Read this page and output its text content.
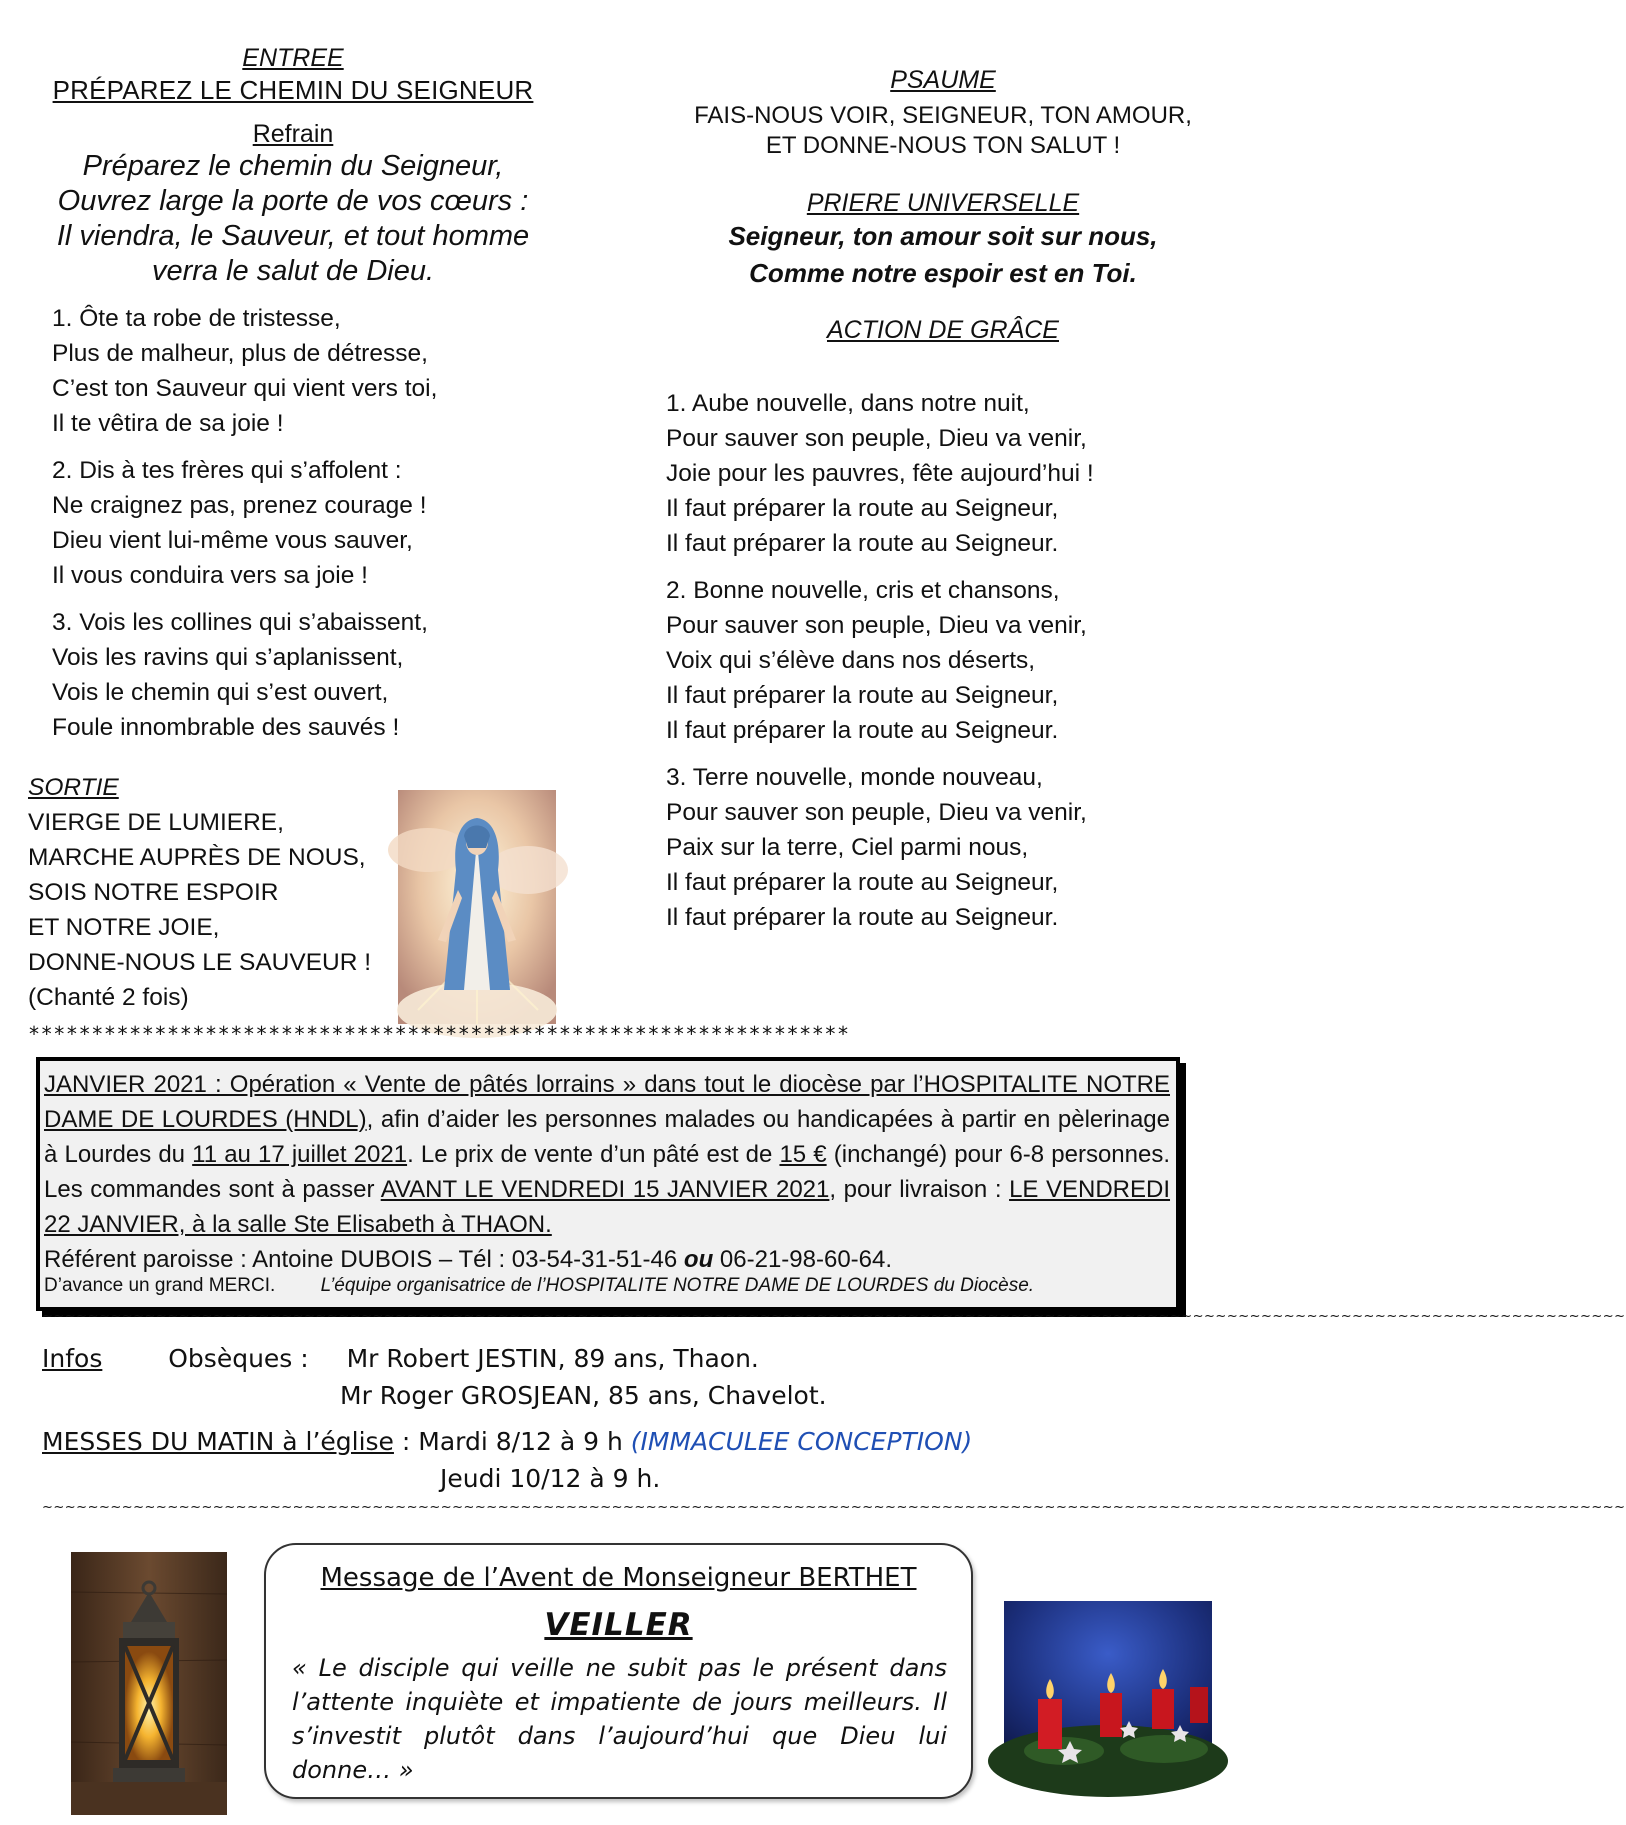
ENTREE
PRÉPAREZ LE CHEMIN DU SEIGNEUR
Refrain
Préparez le chemin du Seigneur,
Ouvrez large la porte de vos cœurs :
Il viendra, le Sauveur, et tout homme
verra le salut de Dieu.
1. Ôte ta robe de tristesse,
Plus de malheur, plus de détresse,
C’est ton Sauveur qui vient vers toi,
Il te vêtira de sa joie !
2. Dis à tes frères qui s’affolent :
Ne craignez pas, prenez courage !
Dieu vient lui-même vous sauver,
Il vous conduira vers sa joie !
3. Vois les collines qui s’abaissent,
Vois les ravins qui s’aplanissent,
Vois le chemin qui s’est ouvert,
Foule innombrable des sauvés !
SORTIE
VIERGE DE LUMIERE,
MARCHE AUPRÈS DE NOUS,
SOIS NOTRE ESPOIR
ET NOTRE JOIE,
DONNE-NOUS LE SAUVEUR !
(Chanté 2 fois)
PSAUME
FAIS-NOUS VOIR, SEIGNEUR, TON AMOUR,
ET DONNE-NOUS TON SALUT !
PRIERE UNIVERSELLE
Seigneur, ton amour soit sur nous,
Comme notre espoir est en Toi.
ACTION DE GRÂCE
1. Aube nouvelle, dans notre nuit,
Pour sauver son peuple, Dieu va venir,
Joie pour les pauvres, fête aujourd’hui !
Il faut préparer la route au Seigneur,
Il faut préparer la route au Seigneur.
2. Bonne nouvelle, cris et chansons,
Pour sauver son peuple, Dieu va venir,
Voix qui s’élève dans nos déserts,
Il faut préparer la route au Seigneur,
Il faut préparer la route au Seigneur.
3. Terre nouvelle, monde nouveau,
Pour sauver son peuple, Dieu va venir,
Paix sur la terre, Ciel parmi nous,
Il faut préparer la route au Seigneur,
Il faut préparer la route au Seigneur.
*****************************************************************
JANVIER 2021 : Opération « Vente de pâtés lorrains » dans tout le diocèse par l’HOSPITALITE NOTRE DAME DE LOURDES (HNDL), afin d’aider les personnes malades ou handicapées à partir en pèlerinage à Lourdes du 11 au 17 juillet 2021. Le prix de vente d’un pâté est de 15 € (inchangé) pour 6-8 personnes. Les commandes sont à passer AVANT LE VENDREDI 15 JANVIER 2021, pour livraison : LE VENDREDI 22 JANVIER, à la salle Ste Elisabeth à THAON.
Référent paroisse : Antoine DUBOIS – Tél : 03-54-31-51-46 ou 06-21-98-60-64.
D’avance un grand MERCI. L’équipe organisatrice de l’HOSPITALITE NOTRE DAME DE LOURDES du Diocèse.
~~~~~~~~~~~~~~~~~~~~~~~~~~~~~~~~~~~~~~~~~~~~~~~~~~~~~~~~~~~~~~~~~~~~~~~~~~~~~~~~~~~~~~~~~~~~~~~~~~~~~~~~~~~~~~~~~~~~~~~~~~~~~~~~~~~~~~~~~~~
Infos	Obsèques : Mr Robert JESTIN, 89 ans, Thaon.
Mr Roger GROSJEAN, 85 ans, Chavelot.
MESSES DU MATIN à l’église : Mardi 8/12 à 9 h (IMMACULEE CONCEPTION)
Jeudi 10/12 à 9 h.
~~~~~~~~~~~~~~~~~~~~~~~~~~~~~~~~~~~~~~~~~~~~~~~~~~~~~~~~~~~~~~~~~~~~~~~~~~~~~~~~~~~~~~~~~~~~~~~~~~~~~~~~~~~~~~~~~~~~~~~~~~~~~~~~~~~~~~~~~~~
Message de l’Avent de Monseigneur BERTHET
VEILLER
« Le disciple qui veille ne subit pas le présent dans l’attente inquiète et impatiente de jours meilleurs. Il s’investit plutôt dans l’aujourd’hui que Dieu lui donne… »
